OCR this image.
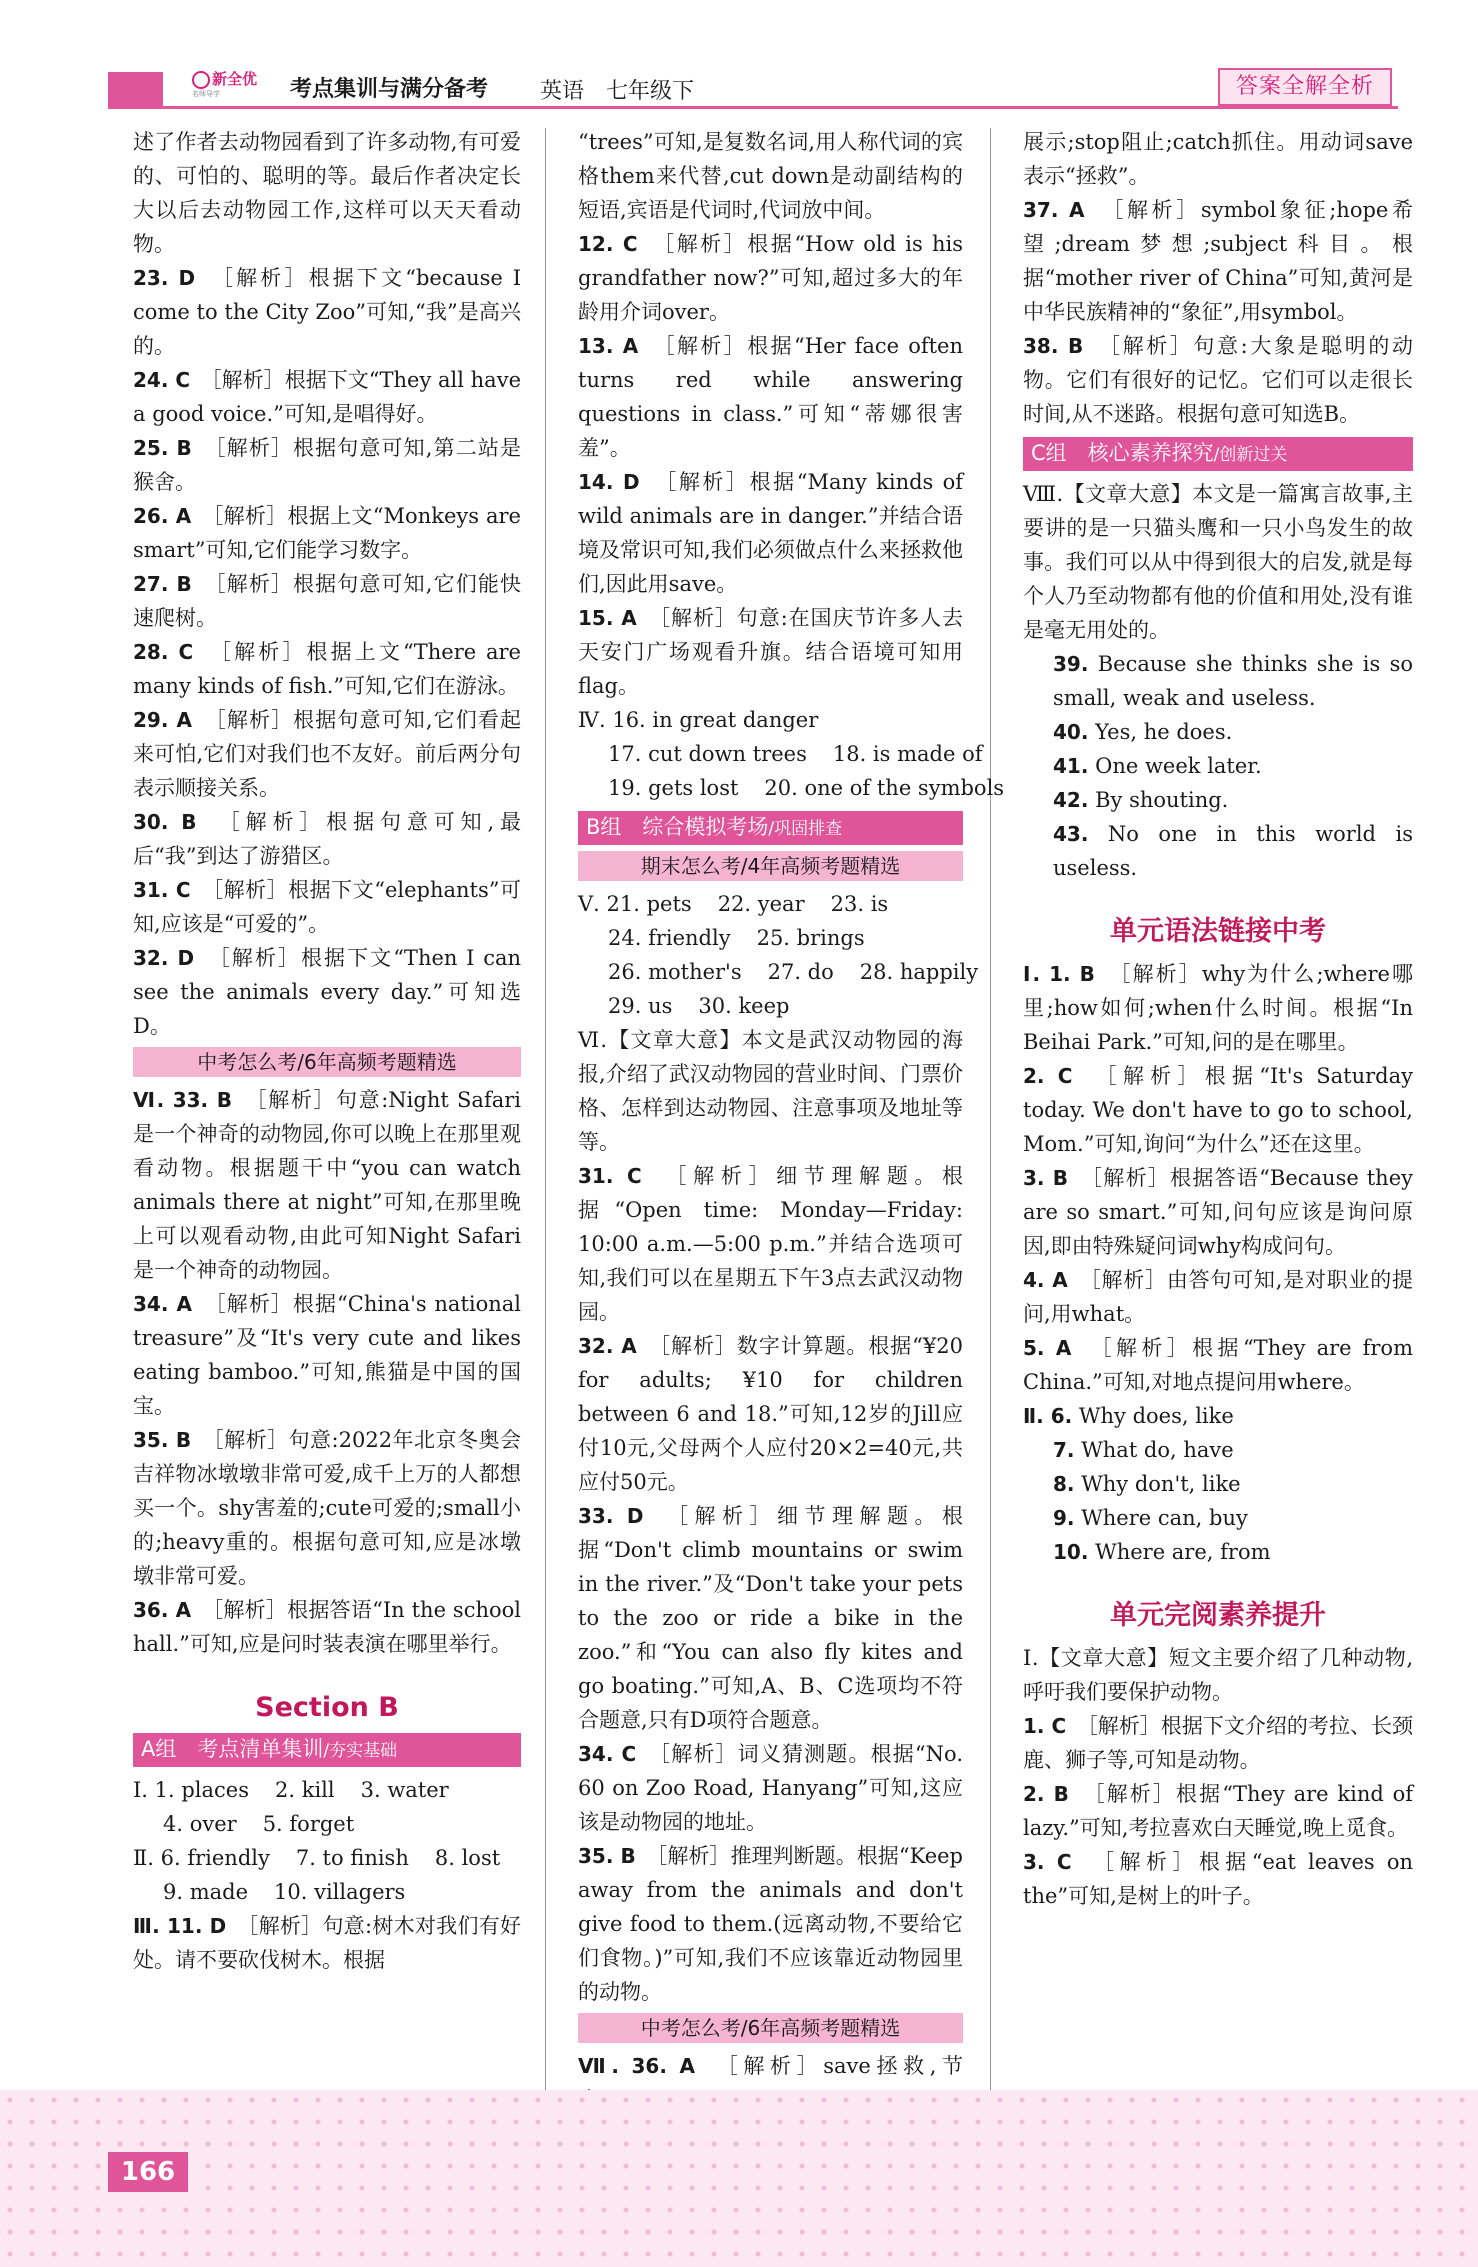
新全优
名师导学	考点集训与满分备考 英语　七年级下	答案全解全析

述了作者去动物园看到了许多动物,有可爱的、可怕的、聪明的等。最后作者决定长大以后去动物园工作,这样可以天天看动物。

23. D　［解析］根据下文“because I come to the City Zoo”可知,“我”是高兴的。

24. C　［解析］根据下文“They all have a good voice.”可知,是唱得好。

25. B　［解析］根据句意可知,第二站是猴舍。

26. A　［解析］根据上文“Monkeys are smart”可知,它们能学习数字。

27. B　［解析］根据句意可知,它们能快速爬树。

28. C　［解析］根据上文“There are many kinds of fish.”可知,它们在游泳。

29. A　［解析］根据句意可知,它们看起来可怕,它们对我们也不友好。前后两分句表示顺接关系。

30. B　［解析］根据句意可知,最后“我”到达了游猎区。

31. C　［解析］根据下文“elephants”可知,应该是“可爱的”。

32. D　［解析］根据下文“Then I can see the animals every day.”可知选D。

中考怎么考/6年高频考题精选

Ⅵ. 33. B　［解析］句意:Night Safari是一个神奇的动物园,你可以晚上在那里观看动物。根据题干中“you can watch animals there at night”可知,在那里晚上可以观看动物,由此可知Night Safari是一个神奇的动物园。

34. A　［解析］根据“China's national treasure”及“It's very cute and likes eating bamboo.”可知,熊猫是中国的国宝。

35. B　［解析］句意:2022年北京冬奥会吉祥物冰墩墩非常可爱,成千上万的人都想买一个。shy害羞的;cute可爱的;small小的;heavy重的。根据句意可知,应是冰墩墩非常可爱。

36. A　［解析］根据答语“In the school hall.”可知,应是问时装表演在哪里举行。

Section B
A组　考点清单集训/夯实基础
Ⅰ. 1. places 2. kill 3. water
4. over 5. forget
Ⅱ. 6. friendly 7. to finish 8. lost
9. made 10. villagers

Ⅲ. 11. D　 ［解析］句意:树木对我们有好处。请不要砍伐树木。根据

“trees”可知,是复数名词,用人称代词的宾格them来代替,cut down是动副结构的短语,宾语是代词时,代词放中间。

12. C　［解析］根据“How old is his grandfather now?”可知,超过多大的年龄用介词over。

13. A　［解析］根据“Her face often turns red while answering questions in class.”可知“蒂娜很害羞”。

14. D　［解析］根据“Many kinds of wild animals are in danger.”并结合语境及常识可知,我们必须做点什么来拯救他们,因此用save。

15. A　［解析］句意:在国庆节许多人去天安门广场观看升旗。结合语境可知用flag。

Ⅳ. 16. in great danger
17. cut down trees 18. is made of
19. gets lost 20. one of the symbols
B组　综合模拟考场/巩固排查
期末怎么考/4年高频考题精选
Ⅴ. 21. pets 22. year 23. is
24. friendly 25. brings
26. mother's 27. do 28. happily
29. us 30. keep

Ⅵ.【文章大意】本文是武汉动物园的海报,介绍了武汉动物园的营业时间、门票价格、怎样到达动物园、注意事项及地址等等。

31. C　［解析］细节理解题。根据“Open time: Monday—Friday: 10:00 a.m.—5:00 p.m.”并结合选项可知,我们可以在星期五下午3点去武汉动物园。

32. A　［解析］数字计算题。根据“¥20 for adults; ¥10 for children between 6 and 18.”可知,12岁的Jill应付10元,父母两个人应付20×2=40元,共应付50元。

33. D　［解析］细节理解题。根据“Don't climb mountains or swim in the river.”及“Don't take your pets to the zoo or ride a bike in the zoo.”和“You can also fly kites and go boating.”可知,A、B、C选项均不符合题意,只有D项符合题意。

34. C　［解析］词义猜测题。根据“No. 60 on Zoo Road, Hanyang”可知,这应该是动物园的地址。

35. B　［解析］推理判断题。根据“Keep away from the animals and don't give food to them.(远离动物,不要给它们食物。)”可知,我们不应该靠近动物园里的动物。

中考怎么考/6年高频考题精选

Ⅶ. 36. A　 ［解析］save拯救,节

展示;stop阻止;catch抓住。用动词save表示“拯救”。

37. A　［解析］symbol象征;hope希望;dream梦想;subject科目。根据“mother river of China”可知,黄河是中华民族精神的“象征”,用symbol。

38. B　［解析］句意:大象是聪明的动物。它们有很好的记忆。它们可以走很长时间,从不迷路。根据句意可知选B。

C组　核心素养探究/创新过关

Ⅷ.【文章大意】本文是一篇寓言故事,主要讲的是一只猫头鹰和一只小鸟发生的故事。我们可以从中得到很大的启发,就是每个人乃至动物都有他的价值和用处,没有谁是毫无用处的。

39. Because she thinks she is so small, weak and useless.

40. Yes, he does.

41. One week later.

42. By shouting.

43. No one in this world is useless.

单元语法链接中考

Ⅰ. 1. B　［解析］why为什么;where哪里;how如何;when什么时间。根据“In Beihai Park.”可知,问的是在哪里。

2. C　［解析］根据“It's Saturday today. We don't have to go to school, Mom.”可知,询问“为什么”还在这里。

3. B　［解析］根据答语“Because they are so smart.”可知,问句应该是询问原因,即由特殊疑问词why构成问句。

4. A　［解析］由答句可知,是对职业的提问,用what。

5. A　［解析］根据“They are from China.”可知,对地点提问用where。

Ⅱ. 6. Why does, like

7. What do, have

8. Why don't, like

9. Where can, buy

10. Where are, from

单元完阅素养提升

Ⅰ.【文章大意】短文主要介绍了几种动物,呼吁我们要保护动物。

1. C　［解析］根据下文介绍的考拉、长颈鹿、狮子等,可知是动物。

2. B　［解析］根据“They are kind of lazy.”可知,考拉喜欢白天睡觉,晚上觅食。

3. C　［解析］根据“eat leaves on the”可知,是树上的叶子。

166
